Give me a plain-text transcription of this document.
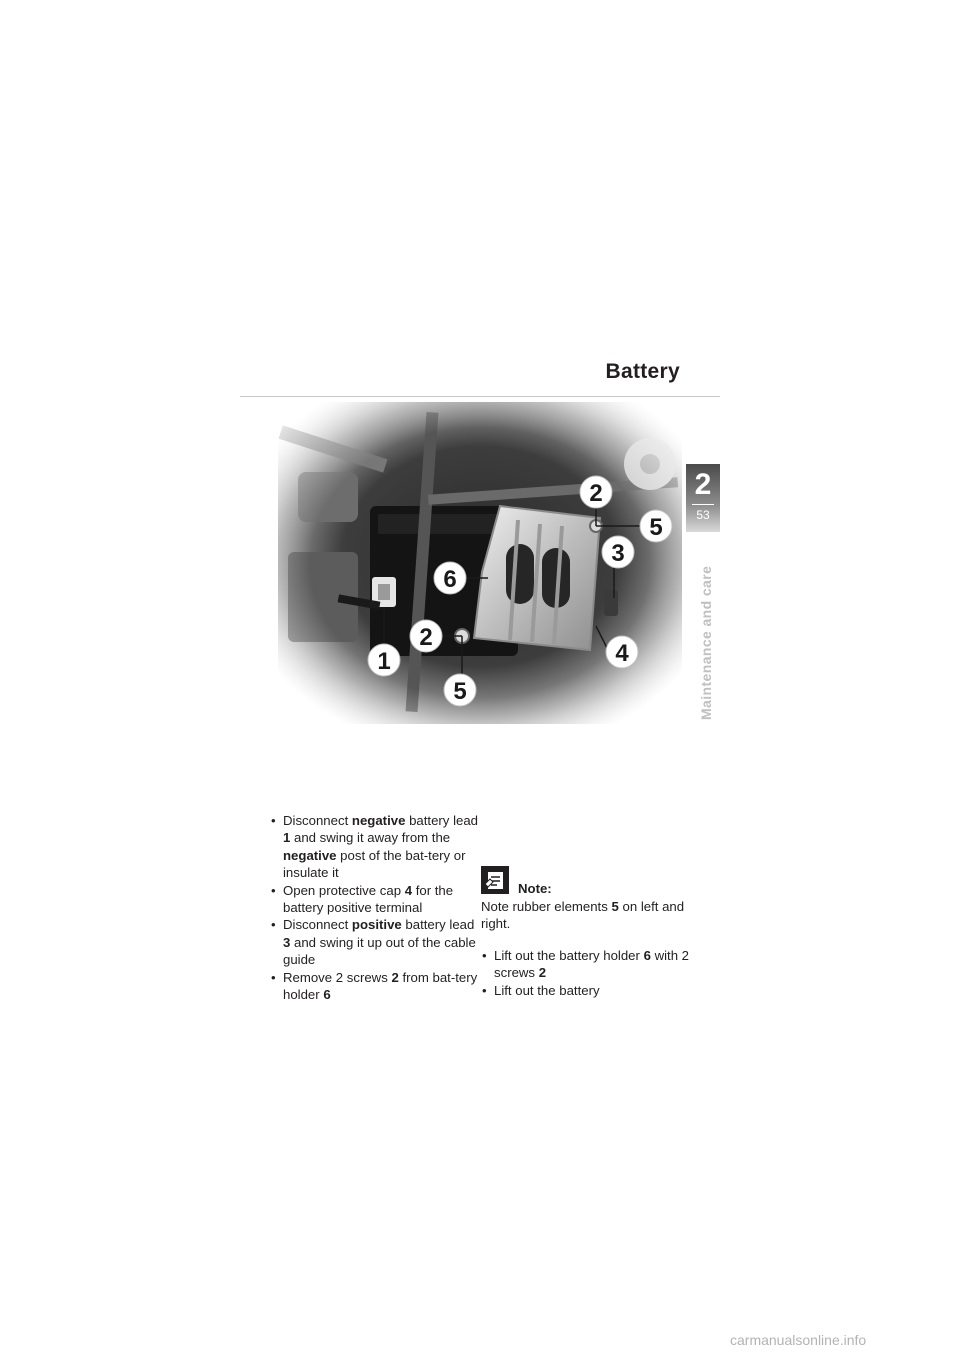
Battery
2
53
Maintenance and care
2
5
3
6
2
4
1
5
• Disconnect negative battery lead 1 and swing it away from the negative post of the bat-tery or insulate it
• Open protective cap 4 for the battery positive terminal
• Disconnect positive battery lead 3 and swing it up out of the cable guide
• Remove 2 screws 2 from bat-tery holder 6
Note:
Note rubber elements 5 on left and right.
• Lift out the battery holder 6 with 2 screws 2
• Lift out the battery
carmanualsonline.info
